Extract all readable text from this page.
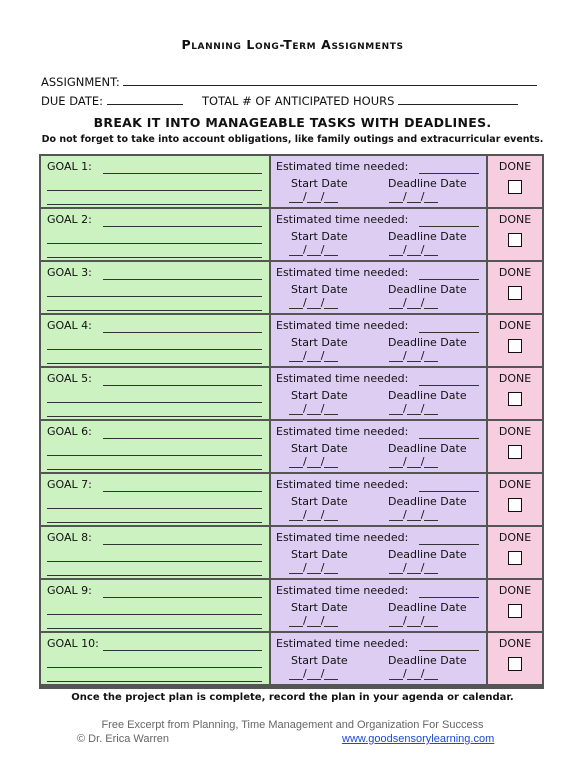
Planning Long-Term Assignments
ASSIGNMENT:
DUE DATE:	TOTAL # OF ANTICIPATED HOURS
BREAK IT INTO MANAGEABLE TASKS WITH DEADLINES.
Do not forget to take into account obligations, like family outings and extracurricular events.
GOAL 1:	Estimated time needed:
Start Date	Deadline Date
/ /	/ /
DONE
GOAL 2:	Estimated time needed:
Start Date	Deadline Date
/ /	/ /
DONE
GOAL 3:	Estimated time needed:
Start Date	Deadline Date
/ /	/ /
DONE
GOAL 4:	Estimated time needed:
Start Date	Deadline Date
/ /	/ /
DONE
GOAL 5:	Estimated time needed:
Start Date	Deadline Date
/ /	/ /
DONE
GOAL 6:	Estimated time needed:
Start Date	Deadline Date
/ /	/ /
DONE
GOAL 7:	Estimated time needed:
Start Date	Deadline Date
/ /	/ /
DONE
GOAL 8:	Estimated time needed:
Start Date	Deadline Date
/ /	/ /
DONE
GOAL 9:	Estimated time needed:
Start Date	Deadline Date
/ /	/ /
DONE
GOAL 10:	Estimated time needed:
Start Date	Deadline Date
/ /	/ /
DONE
Once the project plan is complete, record the plan in your agenda or calendar.
Free Excerpt from Planning, Time Management and Organization For Success
© Dr. Erica Warren	www.goodsensorylearning.com
